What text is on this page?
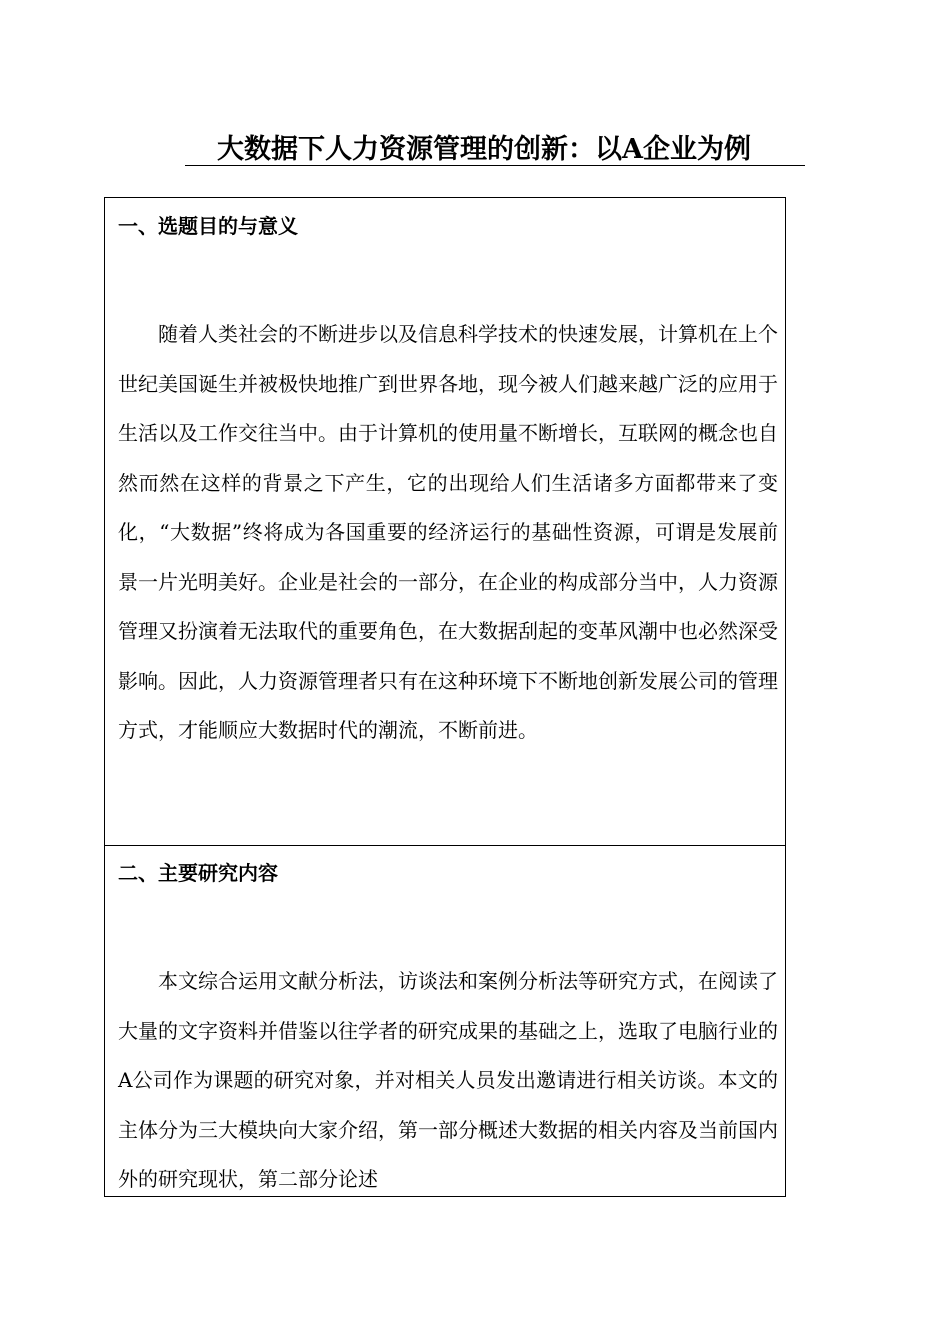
大数据下人力资源管理的创新：以A企业为例
一、选题目的与意义
随着人类社会的不断进步以及信息科学技术的快速发展，计算机在上个世纪美国诞生并被极快地推广到世界各地，现今被人们越来越广泛的应用于生活以及工作交往当中。由于计算机的使用量不断增长，互联网的概念也自然而然在这样的背景之下产生，它的出现给人们生活诸多方面都带来了变化，“大数据”终将成为各国重要的经济运行的基础性资源，可谓是发展前景一片光明美好。企业是社会的一部分，在企业的构成部分当中，人力资源管理又扮演着无法取代的重要角色，在大数据刮起的变革风潮中也必然深受影响。因此，人力资源管理者只有在这种环境下不断地创新发展公司的管理方式，才能顺应大数据时代的潮流，不断前进。
二、主要研究内容
本文综合运用文献分析法，访谈法和案例分析法等研究方式，在阅读了大量的文字资料并借鉴以往学者的研究成果的基础之上，选取了电脑行业的A公司作为课题的研究对象，并对相关人员发出邀请进行相关访谈。本文的主体分为三大模块向大家介绍，第一部分概述大数据的相关内容及当前国内外的研究现状，第二部分论述
